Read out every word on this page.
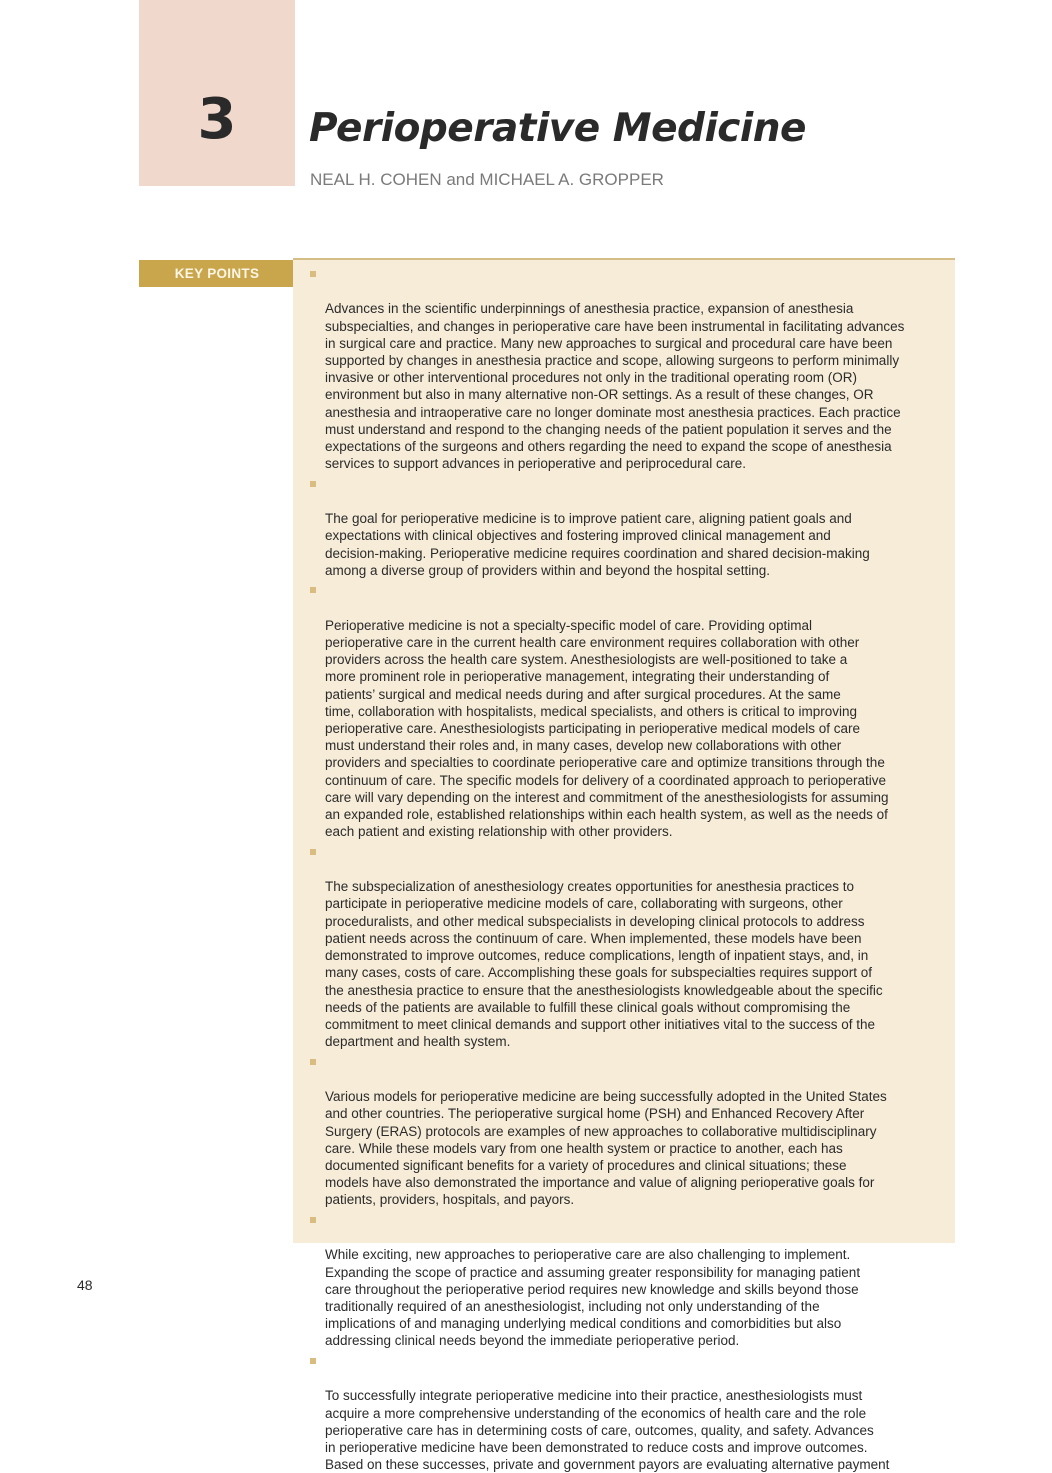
3	Perioperative Medicine
NEAL H. COHEN and MICHAEL A. GROPPER
KEY POINTS

Advances in the scientific underpinnings of anesthesia practice, expansion of anesthesia
subspecialties, and changes in perioperative care have been instrumental in facilitating advances
in surgical care and practice. Many new approaches to surgical and procedural care have been
supported by changes in anesthesia practice and scope, allowing surgeons to perform minimally
invasive or other interventional procedures not only in the traditional operating room (OR)
environment but also in many alternative non-OR settings. As a result of these changes, OR
anesthesia and intraoperative care no longer dominate most anesthesia practices. Each practice
must understand and respond to the changing needs of the patient population it serves and the
expectations of the surgeons and others regarding the need to expand the scope of anesthesia
services to support advances in perioperative and periprocedural care.

The goal for perioperative medicine is to improve patient care, aligning patient goals and
expectations with clinical objectives and fostering improved clinical management and
decision-making. Perioperative medicine requires coordination and shared decision-making
among a diverse group of providers within and beyond the hospital setting.

Perioperative medicine is not a specialty-specific model of care. Providing optimal
perioperative care in the current health care environment requires collaboration with other
providers across the health care system. Anesthesiologists are well-positioned to take a
more prominent role in perioperative management, integrating their understanding of
patients’ surgical and medical needs during and after surgical procedures. At the same
time, collaboration with hospitalists, medical specialists, and others is critical to improving
perioperative care. Anesthesiologists participating in perioperative medical models of care
must understand their roles and, in many cases, develop new collaborations with other
providers and specialties to coordinate perioperative care and optimize transitions through the
continuum of care. The specific models for delivery of a coordinated approach to perioperative
care will vary depending on the interest and commitment of the anesthesiologists for assuming
an expanded role, established relationships within each health system, as well as the needs of
each patient and existing relationship with other providers.

The subspecialization of anesthesiology creates opportunities for anesthesia practices to
participate in perioperative medicine models of care, collaborating with surgeons, other
proceduralists, and other medical subspecialists in developing clinical protocols to address
patient needs across the continuum of care. When implemented, these models have been
demonstrated to improve outcomes, reduce complications, length of inpatient stays, and, in
many cases, costs of care. Accomplishing these goals for subspecialties requires support of
the anesthesia practice to ensure that the anesthesiologists knowledgeable about the specific
needs of the patients are available to fulfill these clinical goals without compromising the
commitment to meet clinical demands and support other initiatives vital to the success of the
department and health system.

Various models for perioperative medicine are being successfully adopted in the United States
and other countries. The perioperative surgical home (PSH) and Enhanced Recovery After
Surgery (ERAS) protocols are examples of new approaches to collaborative multidisciplinary
care. While these models vary from one health system or practice to another, each has
documented significant benefits for a variety of procedures and clinical situations; these
models have also demonstrated the importance and value of aligning perioperative goals for
patients, providers, hospitals, and payors.

While exciting, new approaches to perioperative care are also challenging to implement.
Expanding the scope of practice and assuming greater responsibility for managing patient
care throughout the perioperative period requires new knowledge and skills beyond those
traditionally required of an anesthesiologist, including not only understanding of the
implications of and managing underlying medical conditions and comorbidities but also
addressing clinical needs beyond the immediate perioperative period.

To successfully integrate perioperative medicine into their practice, anesthesiologists must
acquire a more comprehensive understanding of the economics of health care and the role
perioperative care has in determining costs of care, outcomes, quality, and safety. Advances
in perioperative medicine have been demonstrated to reduce costs and improve outcomes.
Based on these successes, private and government payors are evaluating alternative payment

48
